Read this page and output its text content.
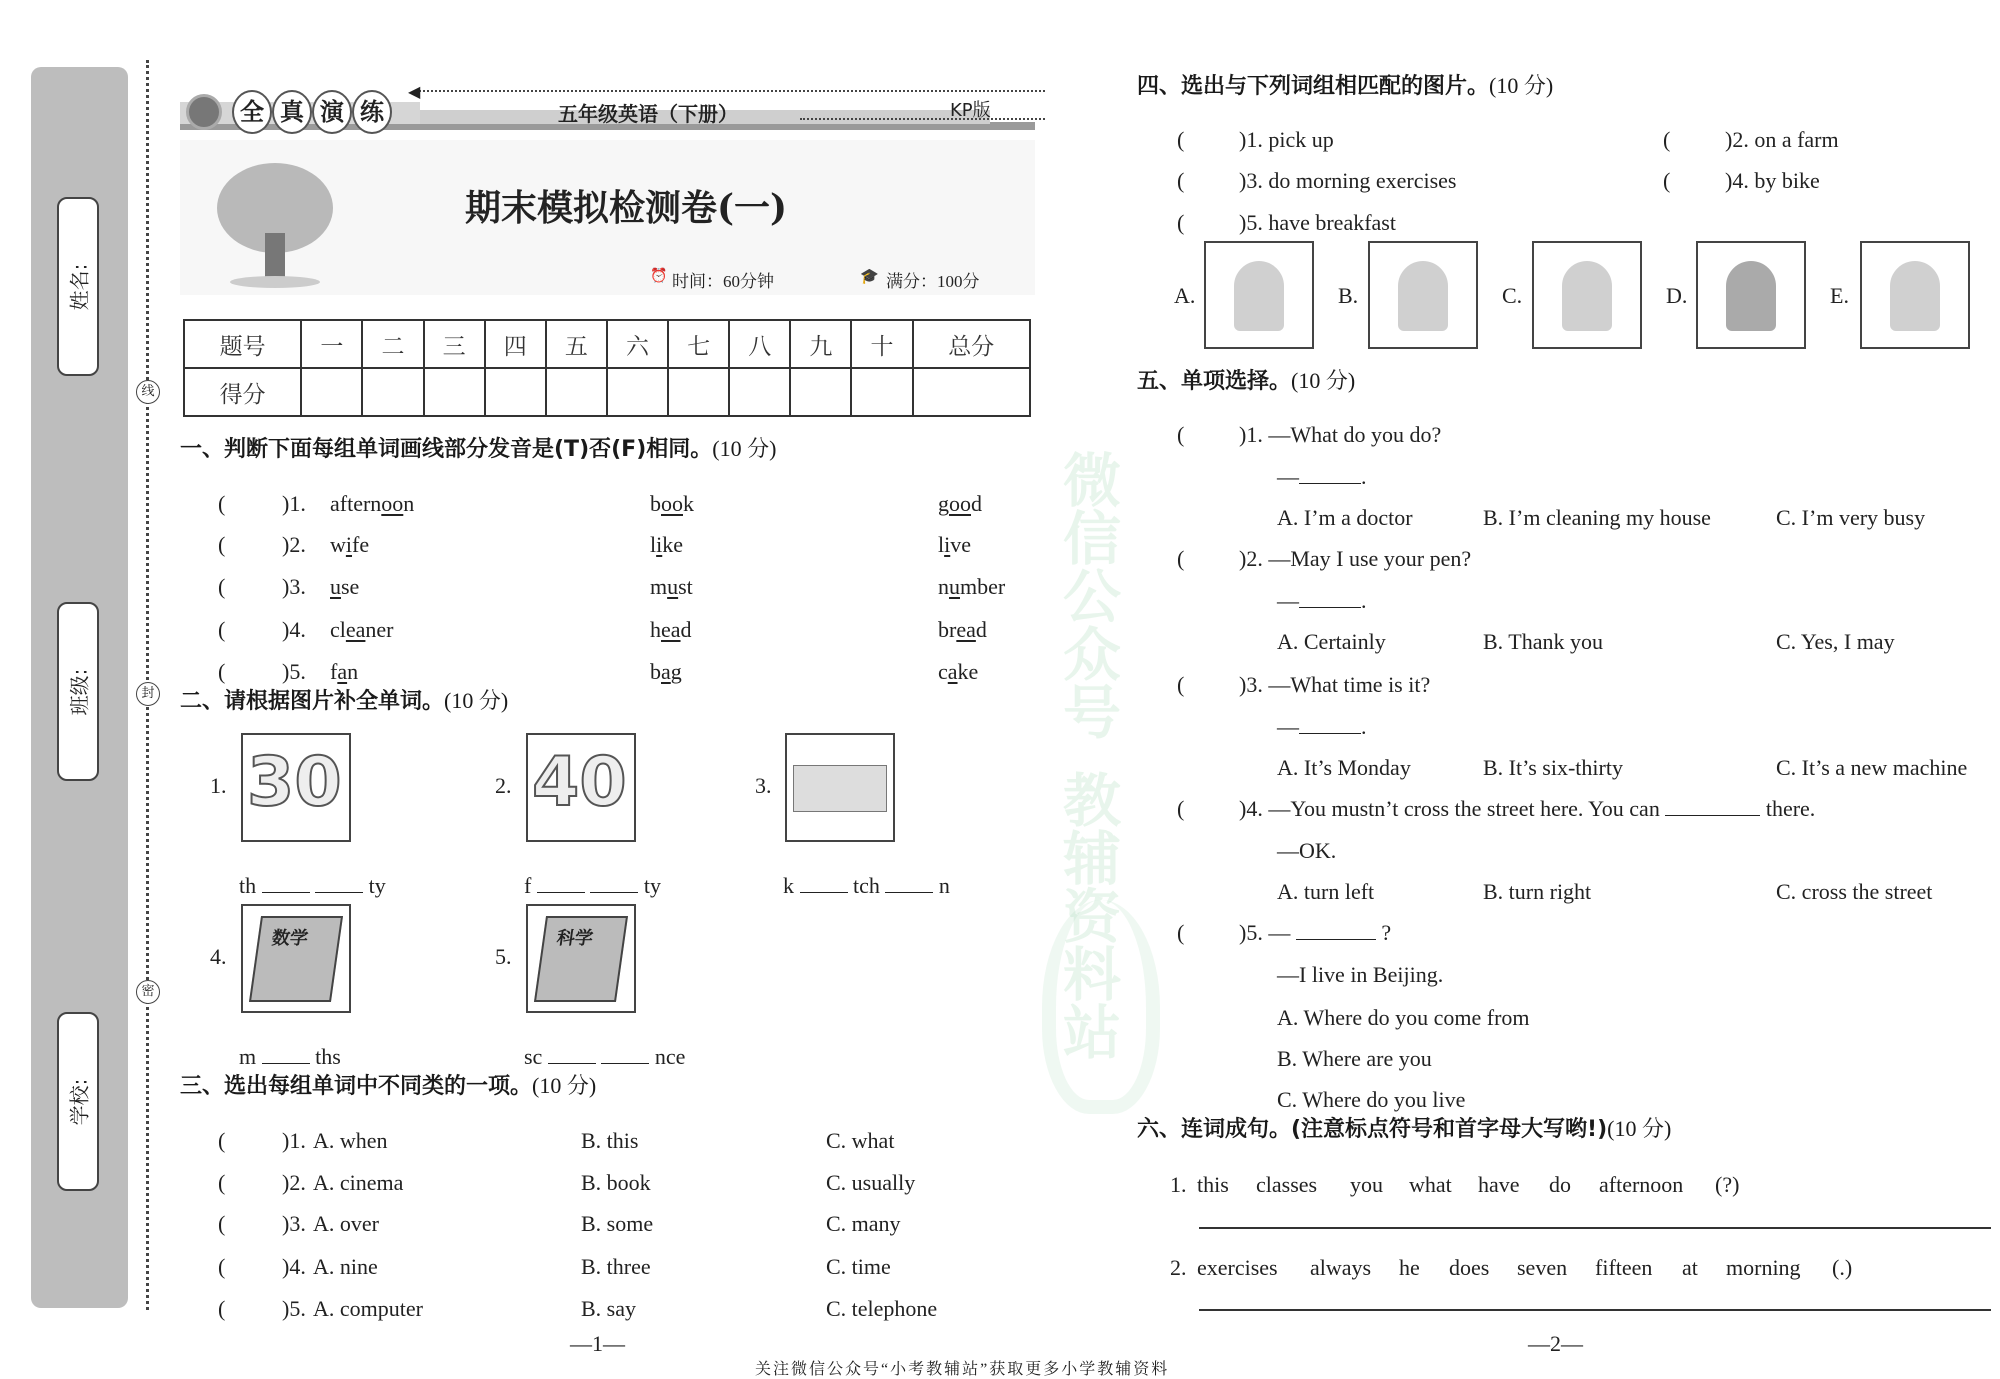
姓名:
班级:
学校:
线
封
密
◀
全 真 演 练	五年级英语（下册）	KP版
期末模拟检测卷(一)
⏰ 时间：60分钟	🎓 满分：100分
题号	一	二	三	四	五	六	七	八	九	十	总分
得分											
一、判断下面每组单词画线部分发音是(T)否(F)相同。(10 分)
(	)1. afternoon	book	good
(	)2. wife	like	live
(	)3. use	must	number
(	)4. cleaner	head	bread
(	)5. fan	bag	cake
二、请根据图片补全单词。(10 分)
1. 30
th	ty
2. 40
f	ty
3.
k  tch  n
4.
数学
m  ths
5.
科学
sc	nce
三、选出每组单词中不同类的一项。(10 分)
(	)1. A. when	B. this	C. what
(	)2. A. cinema	B. book	C. usually
(	)3. A. over	B. some	C. many
(	)4. A. nine	B. three	C. time
(	)5. A. computer	B. say	C. telephone
四、选出与下列词组相匹配的图片。(10 分)
( )1. pick up	( )2. on a farm
( )3. do morning exercises	( )4. by bike
( )5. have breakfast
A.	B.	C.	D.	E.
五、单项选择。(10 分)
( )1. —What do you do?
—	.
A. I’m a doctor	B. I’m cleaning my house	C. I’m very busy
( )2. —May I use your pen?
—	.
A. Certainly	B. Thank you	C. Yes, I may
( )3. —What time is it?
—	.
A. It’s Monday	B. It’s six-thirty	C. It’s a new machine
( )4. —You mustn’t cross the street here. You can	there.
—OK.
A. turn left	B. turn right	C. cross the street
( )5. —	?
—I live in Beijing.
A. Where do you come from
B. Where are you
C. Where do you live
六、连词成句。(注意标点符号和首字母大写哟!)(10 分)
1. this classes you what have do afternoon (?)
2. exercises always he does seven fifteen at morning (.)
微信公众号
教辅资料站
—1—	—2—
关注微信公众号“小考教辅站”获取更多小学教辅资料
